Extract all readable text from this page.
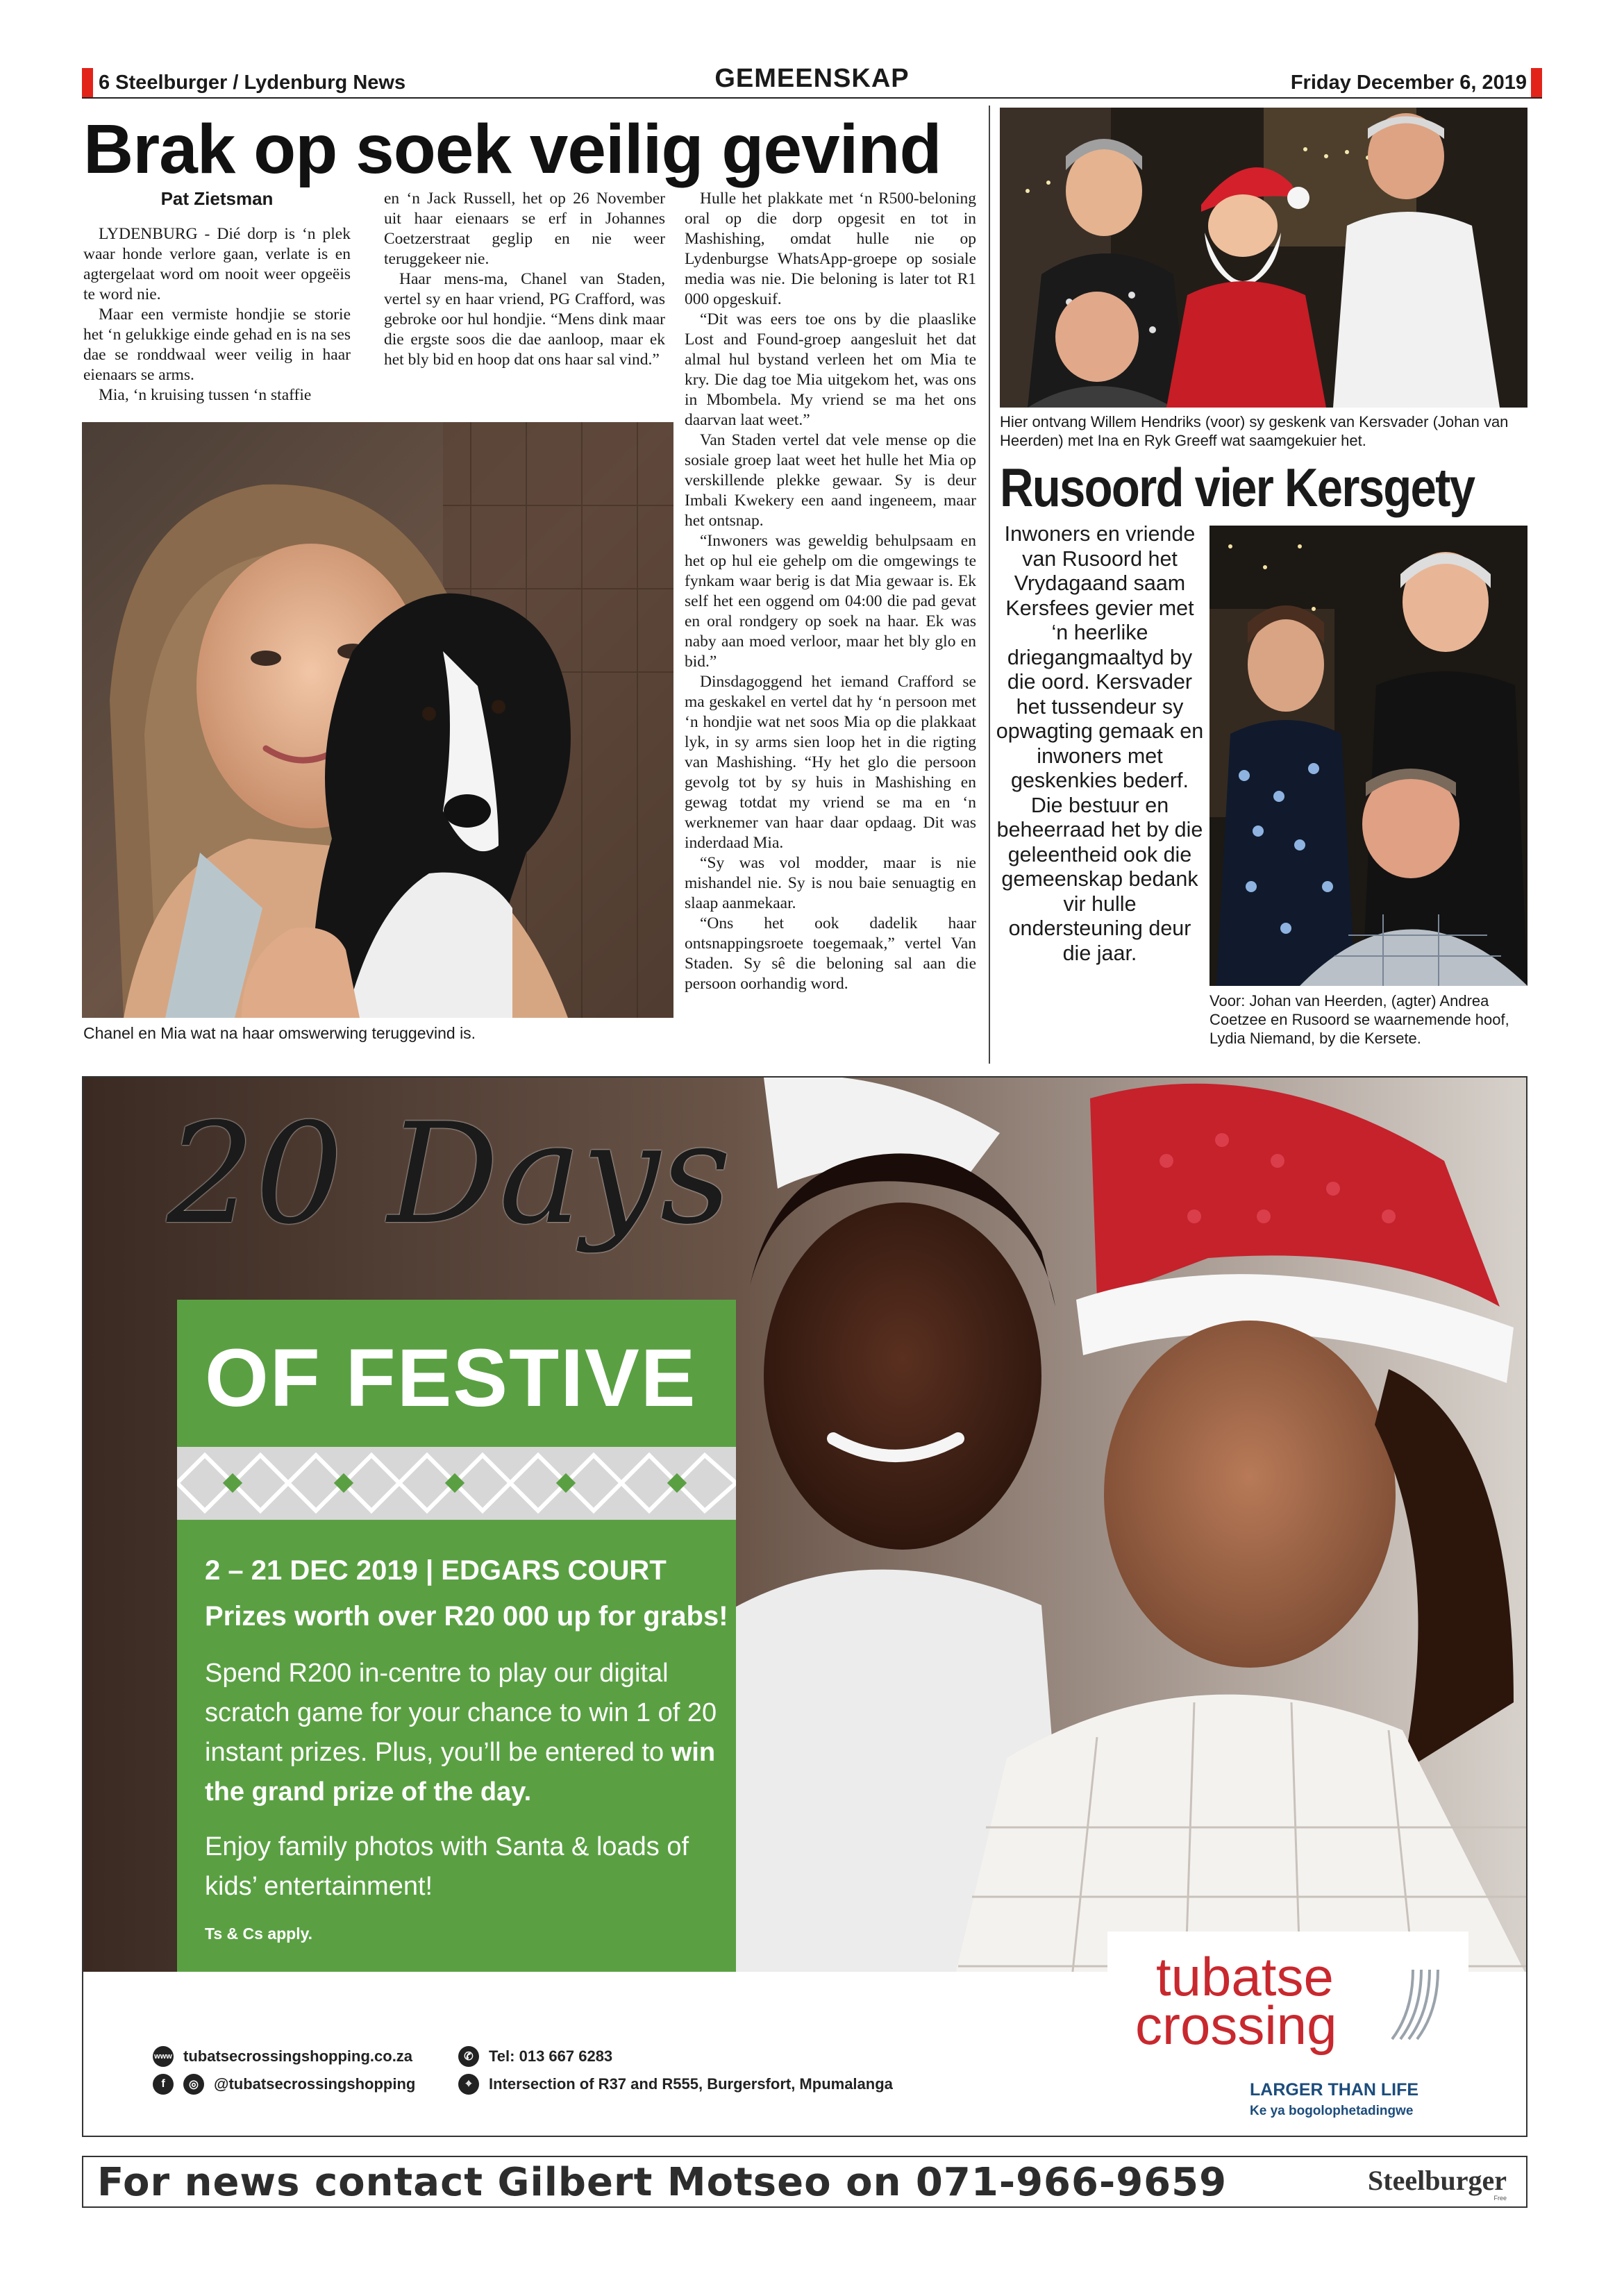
6 Steelburger / Lydenburg News	GEMEENSKAP	Friday December 6, 2019
Brak op soek veilig gevind

Pat Zietsman

LYDENBURG - Dié dorp is ‘n plek waar honde verlore gaan, verlate is en agtergelaat word om nooit weer opgeëis te word nie.

Maar een vermiste hondjie se storie het ‘n gelukkige einde gehad en is na ses dae se ronddwaal weer veilig in haar eienaars se arms.

Mia, ‘n kruising tussen ‘n staffie

en ‘n Jack Russell, het op 26 November uit haar eienaars se erf in Johannes Coetzerstraat geglip en nie weer teruggekeer nie.

Haar mens-ma, Chanel van Staden, vertel sy en haar vriend, PG Crafford, was gebroke oor hul hondjie. “Mens dink maar die ergste soos die dae aanloop, maar ek het bly bid en hoop dat ons haar sal vind.”

Hulle het plakkate met ‘n R500-beloning oral op die dorp opgesit en tot in Mashishing, omdat hulle nie op Lydenburgse WhatsApp-groepe op sosiale media was nie. Die beloning is later tot R1 000 opgeskuif.

“Dit was eers toe ons by die plaaslike Lost and Found-groep aangesluit het dat almal hul bystand verleen het om Mia te kry. Die dag toe Mia uitgekom het, was ons in Mbombela. My vriend se ma het ons daarvan laat weet.”

Van Staden vertel dat vele mense op die sosiale groep laat weet het hulle het Mia op verskillende plekke gewaar. Sy is deur Imbali Kwekery een aand ingeneem, maar het ontsnap.

“Inwoners was geweldig behulpsaam en het op hul eie gehelp om die omgewings te fynkam waar berig is dat Mia gewaar is. Ek self het een oggend om 04:00 die pad gevat en oral rondgery op soek na haar. Ek was naby aan moed verloor, maar het bly glo en bid.”

Dinsdagoggend het iemand Crafford se ma geskakel en vertel dat hy ‘n persoon met ‘n hondjie wat net soos Mia op die plakkaat lyk, in sy arms sien loop het in die rigting van Mashishing. “Hy het glo die persoon gevolg tot by sy huis in Mashishing en gewag totdat my vriend se ma en ‘n werknemer van haar daar opdaag. Dit was inderdaad Mia.

“Sy was vol modder, maar is nie mishandel nie. Sy is nou baie senuagtig en slaap aanmekaar.

“Ons het ook dadelik haar ontsnappingsroete toegemaak,” vertel Van Staden. Sy sê die beloning sal aan die persoon oorhandig word.

Chanel en Mia wat na haar omswerwing teruggevind is.
Hier ontvang Willem Hendriks (voor) sy geskenk van Kersvader (Johan van Heerden) met Ina en Ryk Greeff wat saamgekuier het.
Rusoord vier Kersgety
Inwoners en vriende van Rusoord het Vrydagaand saam Kersfees gevier met ‘n heerlike driegangmaaltyd by die oord. Kersvader het tussendeur sy opwagting gemaak en inwoners met geskenkies bederf. Die bestuur en beheerraad het by die geleentheid ook die gemeenskap bedank vir hulle ondersteuning deur die jaar.
Voor: Johan van Heerden, (agter) Andrea Coetzee en Rusoord se waarnemende hoof, Lydia Niemand, by die Kersete.
OF FESTIVE
2 – 21 DEC 2019 | EDGARS COURT
Prizes worth over R20 000 up for grabs!
Spend R200 in-centre to play our digital scratch game for your chance to win 1 of 20 instant prizes. Plus, you’ll be entered to win the grand prize of the day.
Enjoy family photos with Santa & loads of kids’ entertainment!
Ts & Cs apply.
20 Days
www tubatsecrossingshopping.co.za
f	◎	@tubatsecrossingshopping
✆	Tel: 013 667 6283
⌖	Intersection of R37 and R555, Burgersfort, Mpumalanga
tubatse
crossing
LARGER THAN LIFE
Ke ya bogolophetadingwe
For news contact Gilbert Motseo on 071-966-9659	Steelburger
Free
